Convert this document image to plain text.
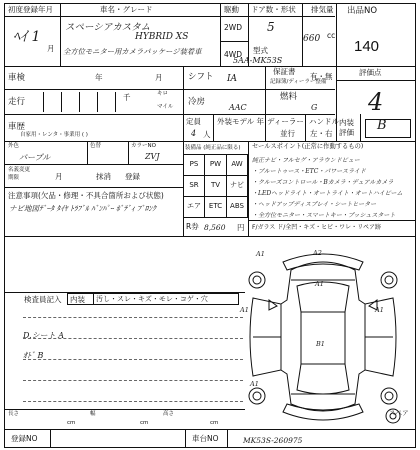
初度登録年月
ﾍｲ 1
月
車名・グレード
スペーシアカスタム
HYBRID XS
全方位モニター用カメラパッケージ装着車
駆動
2WD
4WD
ドア数・形状
5
型式
5AA-MK53S
排気量
660 cc
出品NO
140
車検	年	月	シフト IA
保証書
記録簿/ディーラー整備
有・無	評価点
4
走行	千	キロ
マイル 冷房
AAC
燃料
G
車歴
自家用・レンタ・事業用 ( )
定員
4 人
外装モデル 年 ディーラー
並行
ハンドル
左・右
内装
評価 B
外色
パープル
色替	カラーNO
ZVJ
名義変更
期限	月	抹消 登録
装備品 (純正品に限る)
PS	PW	AW
SR	TV	ナビ
エア	ETC	ABS
R券 8,560 円
セールスポイント(正常に作動するもの)
純正ナビ・フルセグ・アラウンドビュー
・ブルートゥース・ETC・パワースライド
・クルーズコントロール・Bカメラ・デュアルカメラ
・LEDヘッドライト・オートライト・オートハイビーム
・ヘッドアップディスプレイ・シートヒーター
・全方位モニター・スマートキー・プッシュスタート
F/ガラス ド/全凹・キズ・ヒビ・ワレ・リペア跡
注意事項(欠品・修理・不具合箇所および状態)
ナビ地図ﾃﾞｰﾀ ﾀｲﾔ ﾄﾗﾌﾞﾙ ﾊﾞﾝﾊﾟｰ ﾎﾞﾃﾞｨ ﾌﾞﾛﾝｸ
検査員記入 内装 汚し・スレ・キズ・モレ・コゲ・穴
D.シート A
ｵﾄﾞ B
A1	A2
A1
A1
B1
A1
A1
スペア
長さ
cm
幅
cm
高さ
cm
登録NO	車台NO	MK53S-260975
